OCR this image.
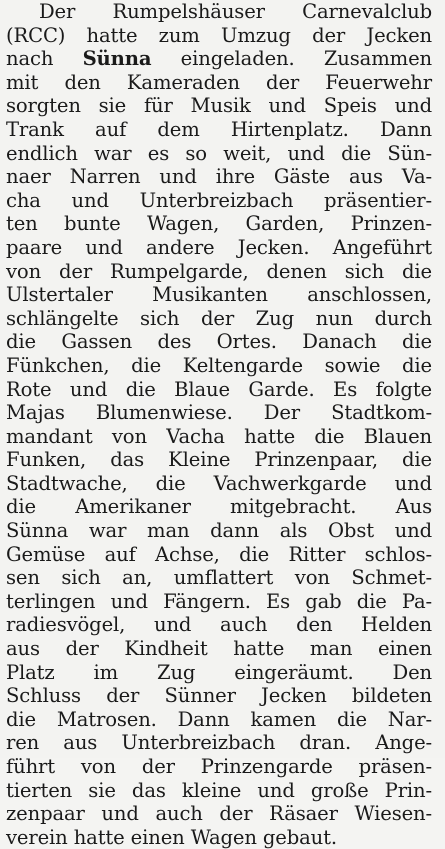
Der Rumpelshäuser Carnevalclub
(RCC) hatte zum Umzug der Jecken
nach Sünna eingeladen. Zusammen
mit den Kameraden der Feuerwehr
sorgten sie für Musik und Speis und
Trank auf dem Hirtenplatz. Dann
endlich war es so weit, und die Sün-
naer Narren und ihre Gäste aus Va-
cha und Unterbreizbach präsentier-
ten bunte Wagen, Garden, Prinzen-
paare und andere Jecken. Angeführt
von der Rumpelgarde, denen sich die
Ulstertaler Musikanten anschlossen,
schlängelte sich der Zug nun durch
die Gassen des Ortes. Danach die
Fünkchen, die Keltengarde sowie die
Rote und die Blaue Garde. Es folgte
Majas Blumenwiese. Der Stadtkom-
mandant von Vacha hatte die Blauen
Funken, das Kleine Prinzenpaar, die
Stadtwache, die Vachwerkgarde und
die Amerikaner mitgebracht. Aus
Sünna war man dann als Obst und
Gemüse auf Achse, die Ritter schlos-
sen sich an, umflattert von Schmet-
terlingen und Fängern. Es gab die Pa-
radiesvögel, und auch den Helden
aus der Kindheit hatte man einen
Platz im Zug eingeräumt. Den
Schluss der Sünner Jecken bildeten
die Matrosen. Dann kamen die Nar-
ren aus Unterbreizbach dran. Ange-
führt von der Prinzengarde präsen-
tierten sie das kleine und große Prin-
zenpaar und auch der Räsaer Wiesen-
verein hatte einen Wagen gebaut.
